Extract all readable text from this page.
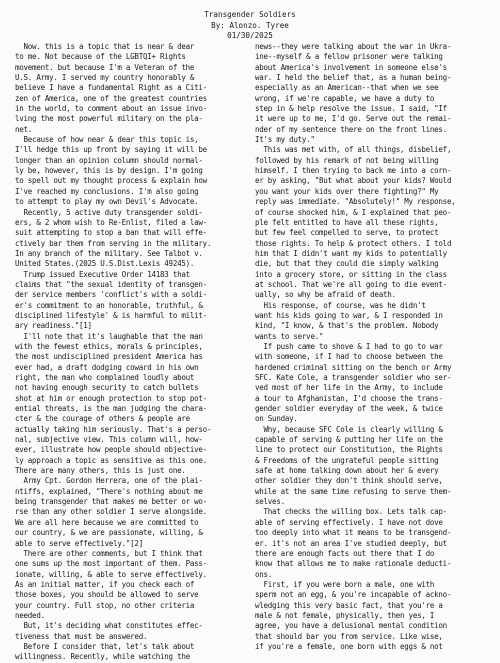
Transgender Soldiers
By: Alonzo. Tyree
01/30/2025
Now. this is a topic that is near & dear
to me. Not because of the LGBTQI+ Rights
movement. but because I'm a Veteran of the
U.S. Army. I served my country honorably &
believe I have a fundamental Right as a Citi-
zen of America, one of the greatest countries
in the world, to comment about an issue invo-
lving the most powerful military on the pla-
net.
Because of how near & dear this topic is,
I'll hedge this up front by saying it will be
longer than an opinion column should normal-
ly be, however, this is by design. I'm going
to spell out my thought process & explain how
I've reached my conclusions. I'm also going
to attempt to play my own Devil's Advocate.
Recently, 5 active duty transgender soldi-
ers, & 2 whom wish to Re-Enlist, filed a law-
suit attempting to stop a ban that will effe-
ctively bar them from serving in the military.
In any branch of the military. See Talbot v.
United States.(2025 U.S.Dist.Lexis 49245).
Trump issued Executive Order 14183 that
claims that "the sexual identity of transgen-
der service members 'conflict's with a soldi-
er's commitment to an honorable, truthful, &
disciplined lifestyle' & is harmful to milit-
ary readiness."[1]
I'll note that it's laughable that the man
with the fewest ethics, morals & principles,
the most undisciplined president America has
ever had, a draft dodging coward in his own
right, the man who complained loudly about
not having enough security to catch bullets
shot at him or enough protection to stop pot-
ential threats, is the man judging the chara-
cter & the courage of others & people are
actually taking him seriously. That's a perso-
nal, subjective view. This column will, how-
ever, illustrate how people should objective-
ly approach a topic as sensitive as this one.
There are many others, this is just one.
Army Cpt. Gordon Herrera, one of the plai-
ntiffs, explained, "There's nothing about me
being transgender that makes me better or wo-
rse than any other soldier I serve alongside.
We are all here because we are committed to
our country, & we are passionate, willing, &
able to serve effectively."[2]
There are other comments, but I think that
one sums up the most important of them. Pass-
ionate, willing, & able to serve effectively.
As an initial matter, if you check each of
those boxes, you should be allowed to serve
your country. Full stop, no other criteria
needed.
But, it's deciding what constitutes effec-
tiveness that must be answered.
Before I consider that, let's talk about
willingness. Recently, while watching the
news--they were talking about the war in Ukra-
ine--myself & a fellow prisoner were talking
about America's involvement in someone else's
war. I held the belief that, as a human being-
especially as an American--that when we see
wrong, if we're capable, we have a duty to
step in & help resolve the issue. I said, "If
it were up to me, I'd go. Serve out the remai-
nder of my sentence there on the front lines.
It's my duty."
This was met with, of all things, disbelief,
followed by his remark of not being willing
himself. I then trying to back me into a corn-
er by asking, "But what about your kids? Would
you want your kids over there fighting?" My
reply was immediate. "Absolutely!" My response,
of course shocked him, & I explained that peo-
ple felt entitled to have all these rights,
but few feel compelled to serve, to protect
those rights. To help & protect others. I told
him that I didn't want my kids to potentially
die, but that they could die simply walking
into a grocery store, or sitting in the class
at school. That we're all going to die event-
ually, so why be afraid of death.
His response, of course, was he didn't
want his kids going to war, & I responded in
kind, "I know, & that's the problem. Nobody
wants to serve."
If push came to shove & I had to go to war
with someone, if I had to choose between the
hardened criminal sitting on the bench or Army
SFC. Kate Cole, a transgender soldier who ser-
ved most of her life in the Army, to include
a tour to Afghanistan, I'd choose the trans-
gender soldier everyday of the week, & twice
on Sunday.
Why, because SFC Cole is clearly willing &
capable of serving & putting her life on the
line to protect our Constitution, the Rights
& Freedoms of the ungrateful people sitting
safe at home talking down about her & every
other soldier they don't think should serve,
while at the same time refusing to serve them-
selves.
That checks the willing box. Lets talk cap-
able of serving effectively. I have not dove
too deeply into what it means to be transgend-
er. it's not an area I've studied deeply, but
there are enough facts out there that I do
know that allows me to make rationale deducti-
ons.
First, if you were born a male, one with
sperm not an egg, & you're incapable of ackno-
wledging this very basic fact, that you're a
male & not female, physically, then yes, I
agree, you have a delusional mental condition
that should bar you from service. Like wise,
if you're a female, one born with eggs & not
